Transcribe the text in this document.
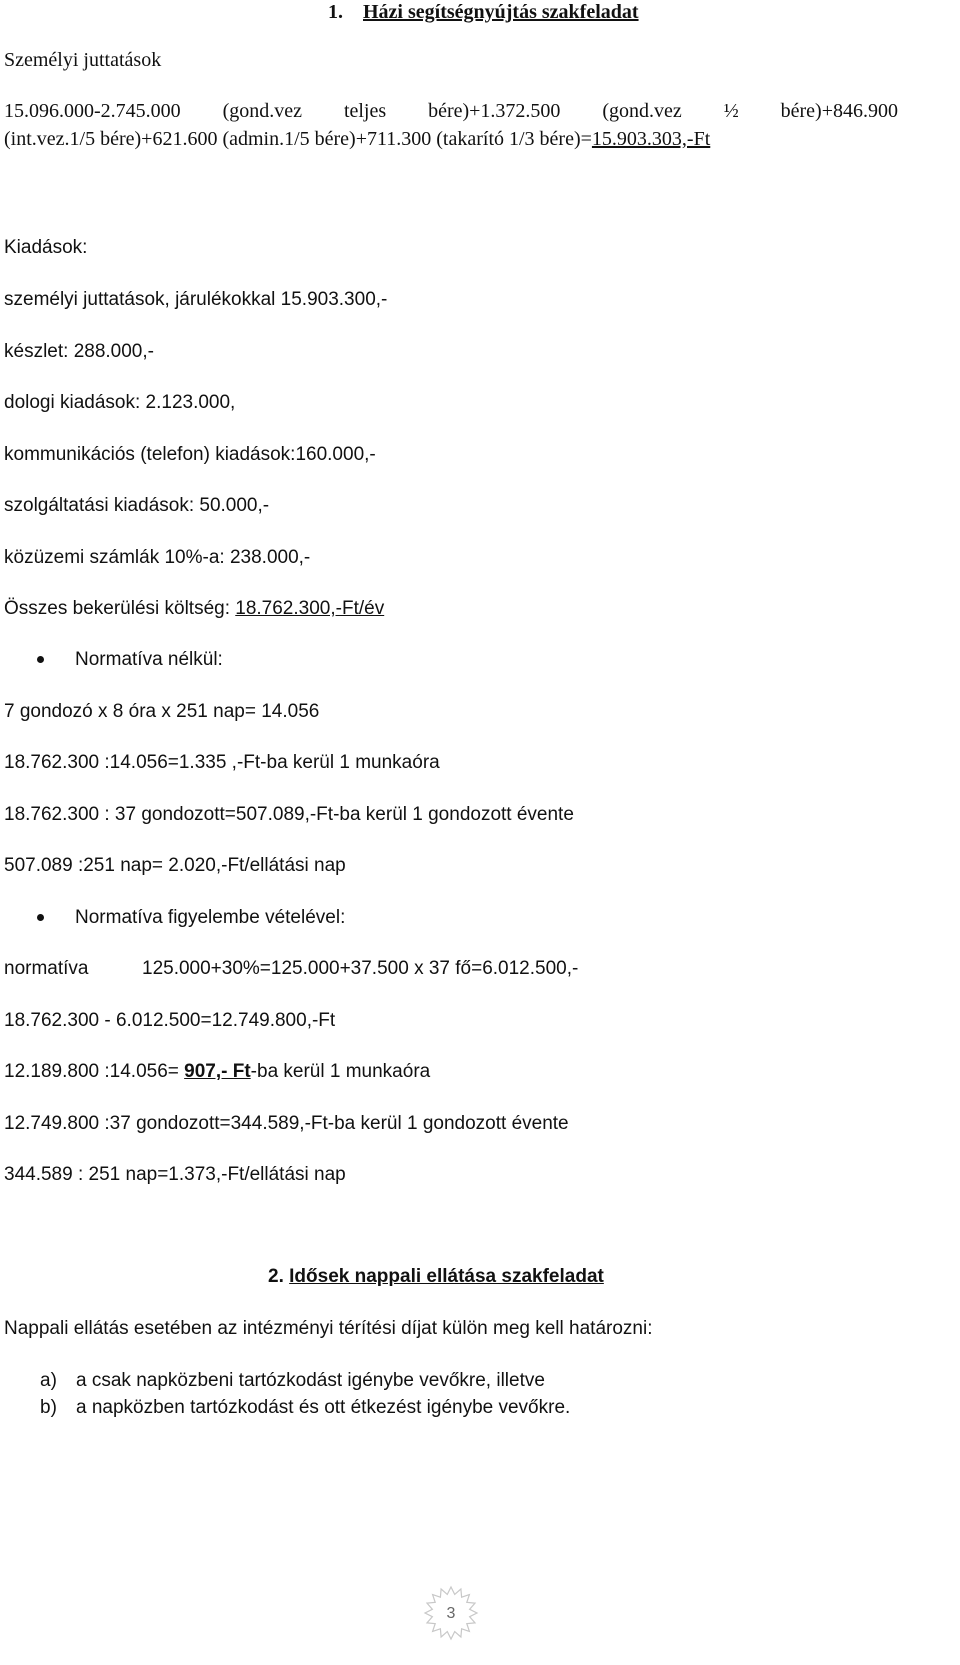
1. Házi segítségnyújtás szakfeladat
Személyi juttatások
15.096.000-2.745.000 (gond.vez teljes bére)+1.372.500 (gond.vez ½ bére)+846.900
(int.vez.1/5 bére)+621.600 (admin.1/5 bére)+711.300 (takarító 1/3 bére)=15.903.303,-Ft
Kiadások:
személyi juttatások, járulékokkal 15.903.300,-
készlet: 288.000,-
dologi kiadások: 2.123.000,
kommunikációs (telefon) kiadások:160.000,-
szolgáltatási kiadások: 50.000,-
közüzemi számlák 10%-a: 238.000,-
Összes bekerülési költség: 18.762.300,-Ft/év
Normatíva nélkül:
7 gondozó x 8 óra x 251 nap= 14.056
18.762.300 :14.056=1.335 ,-Ft-ba kerül 1 munkaóra
18.762.300 : 37 gondozott=507.089,-Ft-ba kerül 1 gondozott évente
507.089 :251 nap= 2.020,-Ft/ellátási nap
Normatíva figyelembe vételével:
normatíva	125.000+30%=125.000+37.500 x 37 fő=6.012.500,-
18.762.300 - 6.012.500=12.749.800,-Ft
12.189.800 :14.056= 907,- Ft-ba kerül 1 munkaóra
12.749.800 :37 gondozott=344.589,-Ft-ba kerül 1 gondozott évente
344.589 : 251 nap=1.373,-Ft/ellátási nap
2. Idősek nappali ellátása szakfeladat
Nappali ellátás esetében az intézményi térítési díjat külön meg kell határozni:
a) a csak napközbeni tartózkodást igénybe vevőkre, illetve
b) a napközben tartózkodást és ott étkezést igénybe vevőkre.
3
